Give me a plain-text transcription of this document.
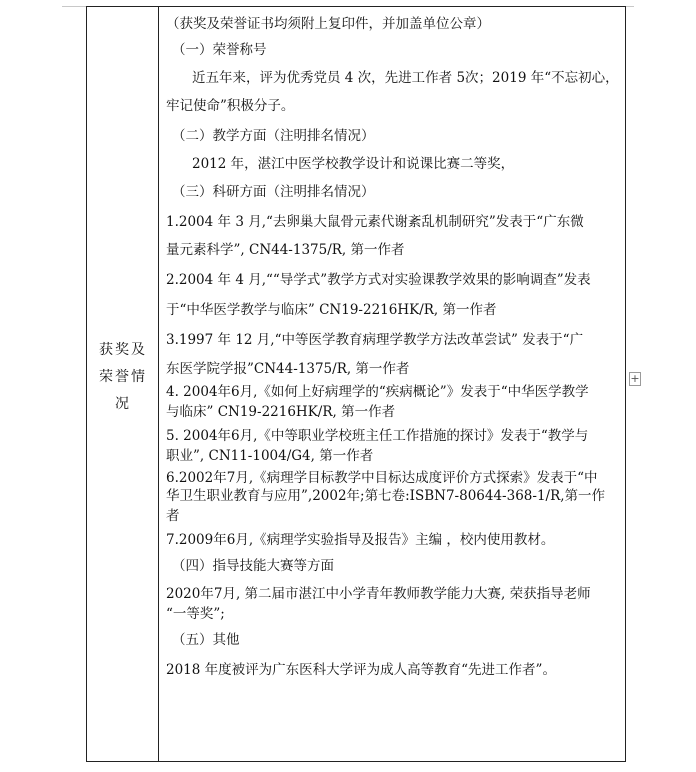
获奖及
荣誉情
况
（获奖及荣誉证书均须附上复印件，并加盖单位公章）
（一）荣誉称号
近五年来，评为优秀党员 4 次，先进工作者 5次；2019 年“不忘初心，
牢记使命”积极分子。
（二）教学方面（注明排名情况）
2012 年，湛江中医学校教学设计和说课比赛二等奖，
（三）科研方面（注明排名情况）
1.2004 年 3 月,“去卵巢大鼠骨元素代谢紊乱机制研究”发表于“广东微
量元素科学”, CN44-1375/R, 第一作者
2.2004 年 4 月,““导学式”教学方式对实验课教学效果的影响调查”发表
于“中华医学教学与临床” CN19-2216HK/R, 第一作者
3.1997 年 12 月,“中等医学教育病理学教学方法改革尝试” 发表于“广
东医学院学报”CN44-1375/R, 第一作者
4. 2004年6月,《如何上好病理学的“疾病概论”》发表于“中华医学教学
与临床” CN19-2216HK/R, 第一作者
5. 2004年6月,《中等职业学校班主任工作措施的探讨》发表于“教学与
职业”, CN11-1004/G4, 第一作者
6.2002年7月,《病理学目标教学中目标达成度评价方式探索》发表于“中
华卫生职业教育与应用”,2002年;第七卷:ISBN7-80644-368-1/R,第一作
者
7.2009年6月,《病理学实验指导及报告》主编 ，校内使用教材。
（四）指导技能大赛等方面
2020年7月, 第二届市湛江中小学青年教师教学能力大赛, 荣获指导老师
“一等奖”;
（五）其他
2018 年度被评为广东医科大学评为成人高等教育“先进工作者”。
+
